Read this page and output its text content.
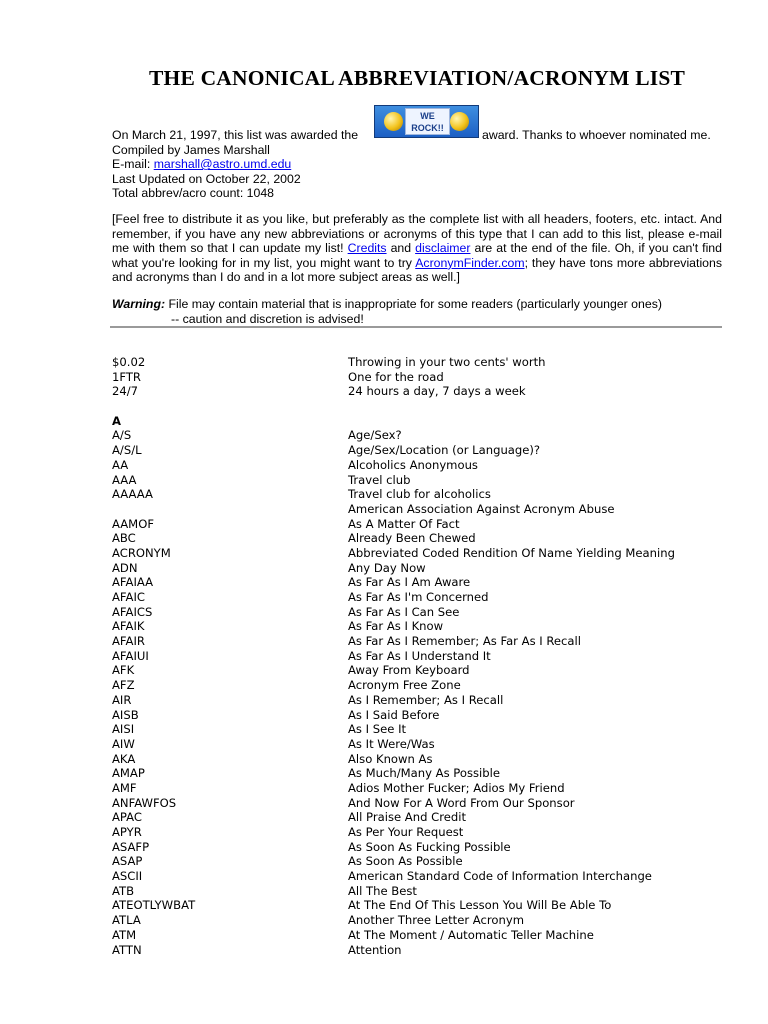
THE CANONICAL ABBREVIATION/ACRONYM LIST
On March 21, 1997, this list was awarded the
WE
ROCK!!	award. Thanks to whoever nominated me.
Compiled by James Marshall
E-mail: marshall@astro.umd.edu
Last Updated on October 22, 2002
Total abbrev/acro count: 1048
[Feel free to distribute it as you like, but preferably as the complete list with all headers, footers, etc. intact. And remember, if you have any new abbreviations or acronyms of this type that I can add to this list, please e-mail me with them so that I can update my list! Credits and disclaimer are at the end of the file. Oh, if you can't find what you're looking for in my list, you might want to try AcronymFinder.com; they have tons more abbreviations and acronyms than I do and in a lot more subject areas as well.]
Warning: File may contain material that is inappropriate for some readers (particularly younger ones)
-- caution and discretion is advised!
$0.02	Throwing in your two cents' worth
1FTR	One for the road
24/7	24 hours a day, 7 days a week
A
A/S	Age/Sex?
A/S/L	Age/Sex/Location (or Language)?
AA	Alcoholics Anonymous
AAA	Travel club
AAAAA	Travel club for alcoholics
American Association Against Acronym Abuse
AAMOF	As A Matter Of Fact
ABC	Already Been Chewed
ACRONYM	Abbreviated Coded Rendition Of Name Yielding Meaning
ADN	Any Day Now
AFAIAA	As Far As I Am Aware
AFAIC	As Far As I'm Concerned
AFAICS	As Far As I Can See
AFAIK	As Far As I Know
AFAIR	As Far As I Remember; As Far As I Recall
AFAIUI	As Far As I Understand It
AFK	Away From Keyboard
AFZ	Acronym Free Zone
AIR	As I Remember; As I Recall
AISB	As I Said Before
AISI	As I See It
AIW	As It Were/Was
AKA	Also Known As
AMAP	As Much/Many As Possible
AMF	Adios Mother Fucker; Adios My Friend
ANFAWFOS	And Now For A Word From Our Sponsor
APAC	All Praise And Credit
APYR	As Per Your Request
ASAFP	As Soon As Fucking Possible
ASAP	As Soon As Possible
ASCII	American Standard Code of Information Interchange
ATB	All The Best
ATEOTLYWBAT	At The End Of This Lesson You Will Be Able To
ATLA	Another Three Letter Acronym
ATM	At The Moment / Automatic Teller Machine
ATTN	Attention
